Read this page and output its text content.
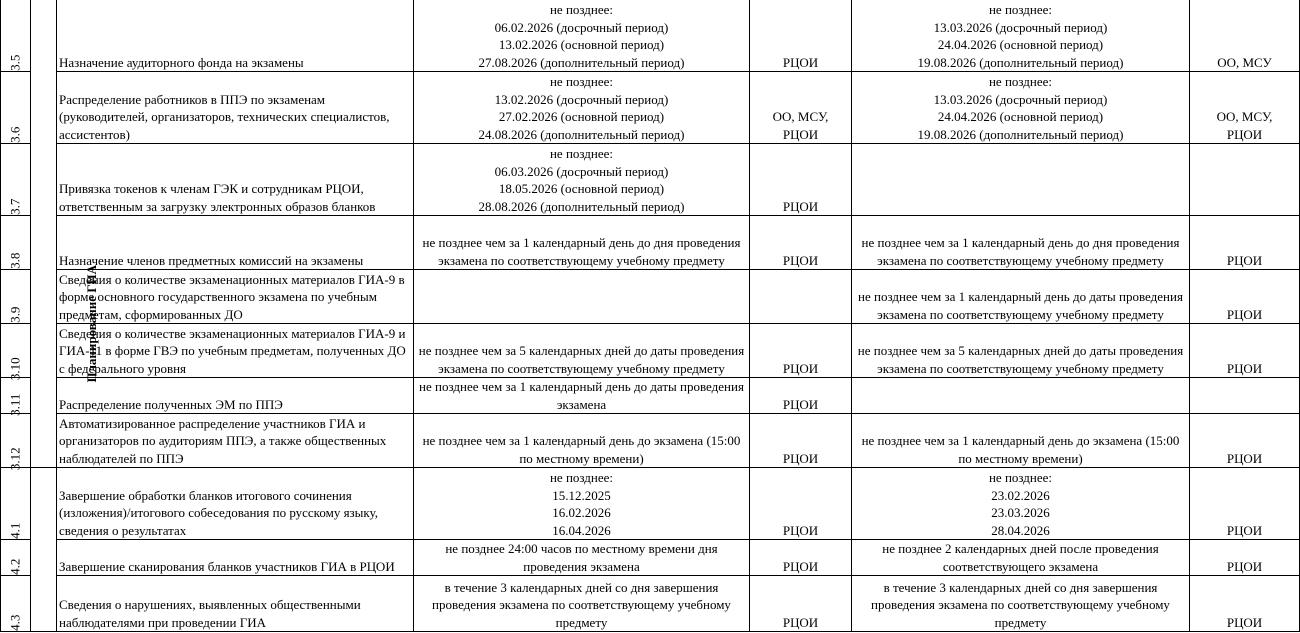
3.5	Планирование ГИА	Назначение аудиторного фонда на экзамены	не позднее:
06.02.2026 (досрочный период)
13.02.2026 (основной период)
27.08.2026 (дополнительный период)	РЦОИ	не позднее:
13.03.2026 (досрочный период)
24.04.2026 (основной период)
19.08.2026 (дополнительный период)	ОО, МСУ

3.6		Распределение работников в ППЭ по экзаменам (руководителей, организаторов, технических специалистов, ассистентов)	не позднее:
13.02.2026 (досрочный период)
27.02.2026 (основной период)
24.08.2026 (дополнительный период)	ОО, МСУ,
РЦОИ	не позднее:
13.03.2026 (досрочный период)
24.04.2026 (основной период)
19.08.2026 (дополнительный период)	ОО, МСУ,
РЦОИ

3.7		Привязка токенов к членам ГЭК и сотрудникам РЦОИ, ответственным за загрузку электронных образов бланков	не позднее:
06.03.2026 (досрочный период)
18.05.2026 (основной период)
28.08.2026 (дополнительный период)	РЦОИ		

3.8		Назначение членов предметных комиссий на экзамены	не позднее чем за 1 календарный день до дня проведения экзамена по соответствующему учебному предмету	РЦОИ	не позднее чем за 1 календарный день до дня проведения экзамена по соответствующему учебному предмету	РЦОИ

3.9		Сведения о количестве экзаменационных материалов ГИА-9 в форме основного государственного экзамена по учебным предметам, сформированных ДО			не позднее чем за 1 календарный день до даты проведения экзамена по соответствующему учебному предмету	РЦОИ

3.10		Сведения о количестве экзаменационных материалов ГИА-9 и ГИА-11 в форме ГВЭ по учебным предметам, полученных ДО с федерального уровня	не позднее чем за 5 календарных дней до даты проведения экзамена по соответствующему учебному предмету	РЦОИ	не позднее чем за 5 календарных дней до даты проведения экзамена по соответствующему учебному предмету	РЦОИ

3.11		Распределение полученных ЭМ по ППЭ	не позднее чем за 1 календарный день до даты проведения экзамена	РЦОИ		

3.12		Автоматизированное распределение участников ГИА и организаторов по аудиториям ППЭ, а также общественных наблюдателей по ППЭ	не позднее чем за 1 календарный день до экзамена (15:00 по местному времени)	РЦОИ	не позднее чем за 1 календарный день до экзамена (15:00 по местному времени)	РЦОИ

4.1		Завершение обработки бланков итогового сочинения (изложения)/итогового собеседования по русскому языку, сведения о результатах	не позднее:
15.12.2025
16.02.2026
16.04.2026	РЦОИ	не позднее:
23.02.2026
23.03.2026
28.04.2026	РЦОИ

4.2		Завершение сканирования бланков участников ГИА в РЦОИ	не позднее 24:00 часов по местному времени дня проведения экзамена	РЦОИ	не позднее 2 календарных дней после проведения соответствующего экзамена	РЦОИ

4.3		Сведения о нарушениях, выявленных общественными наблюдателями при проведении ГИА	в течение 3 календарных дней со дня завершения проведения экзамена по соответствующему учебному предмету	РЦОИ	в течение 3 календарных дней со дня завершения проведения экзамена по соответствующему учебному предмету	РЦОИ
